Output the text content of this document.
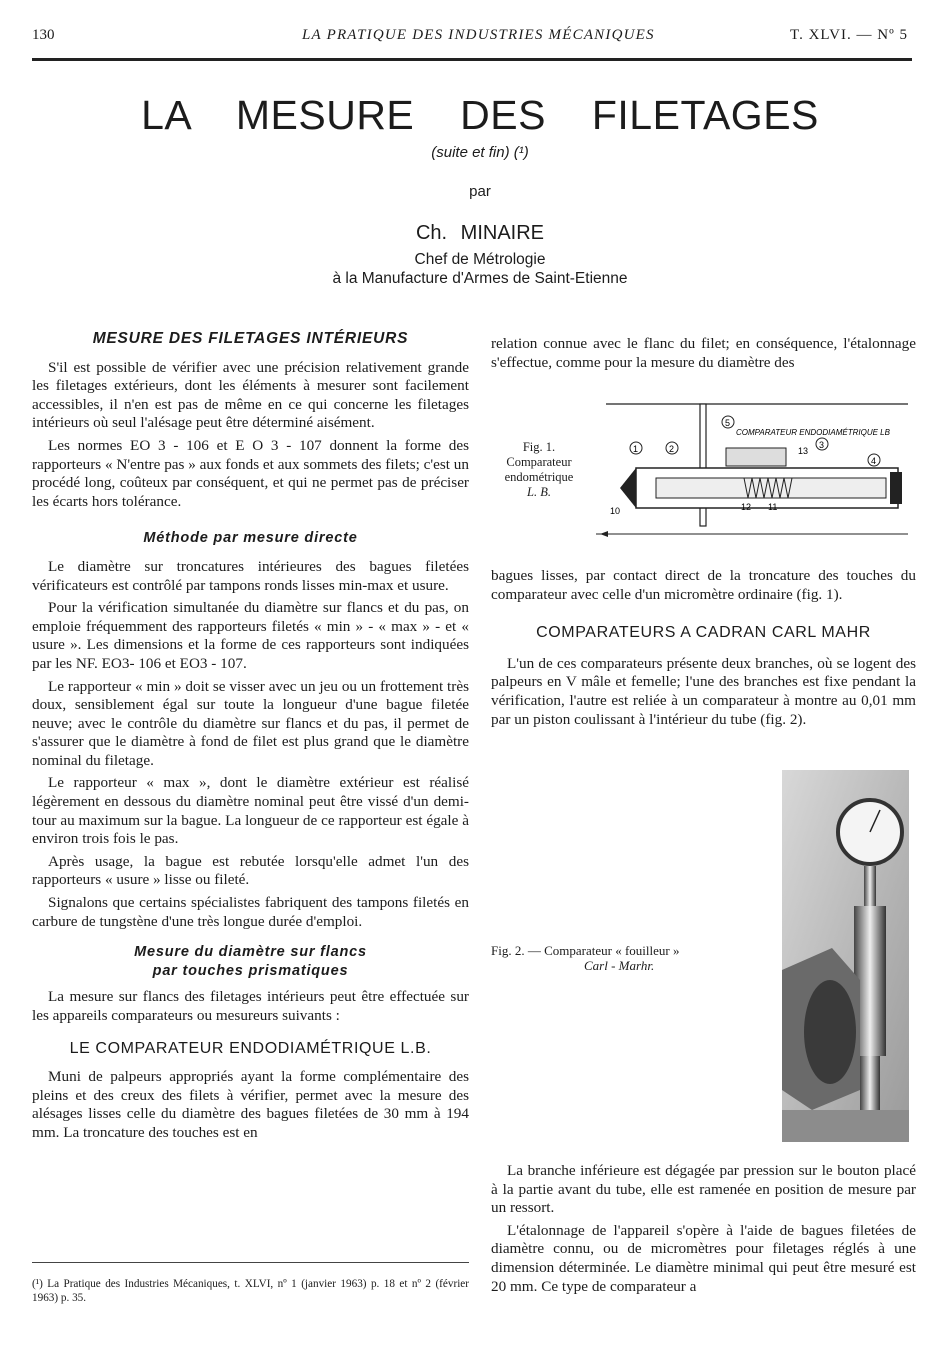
130	LA PRATIQUE DES INDUSTRIES MÉCANIQUES	T. XLVI. — Nº 5
LA MESURE DES FILETAGES
(suite et fin) (¹)
par
Ch. MINAIRE
Chef de Métrologie
à la Manufacture d'Armes de Saint-Etienne
MESURE DES FILETAGES INTÉRIEURS

S'il est possible de vérifier avec une précision relativement grande les filetages extérieurs, dont les éléments à mesurer sont facilement accessibles, il n'en est pas de même en ce qui concerne les filetages intérieurs où seul l'alésage peut être déterminé aisément.

Les normes EO 3 - 106 et E O 3 - 107 donnent la forme des rapporteurs « N'entre pas » aux fonds et aux sommets des filets; c'est un procédé long, coûteux par conséquent, et qui ne permet pas de préciser les écarts hors tolérance.

Méthode par mesure directe

Le diamètre sur troncatures intérieures des bagues filetées vérificateurs est contrôlé par tampons ronds lisses min-max et usure.

Pour la vérification simultanée du diamètre sur flancs et du pas, on emploie fréquemment des rapporteurs filetés « min » - « max » - et « usure ». Les dimensions et la forme de ces rapporteurs sont indiquées par les NF. EO3- 106 et EO3 - 107.

Le rapporteur « min » doit se visser avec un jeu ou un frottement très doux, sensiblement égal sur toute la longueur d'une bague filetée neuve; avec le contrôle du diamètre sur flancs et du pas, il permet de s'assurer que le diamètre à fond de filet est plus grand que le diamètre nominal du filetage.

Le rapporteur « max », dont le diamètre extérieur est réalisé légèrement en dessous du diamètre nominal peut être vissé d'un demi-tour au maximum sur la bague. La longueur de ce rapporteur est égale à environ trois fois le pas.

Après usage, la bague est rebutée lorsqu'elle admet l'un des rapporteurs « usure » lisse ou fileté.

Signalons que certains spécialistes fabriquent des tampons filetés en carbure de tungstène d'une très longue durée d'emploi.

Mesure du diamètre sur flancs
par touches prismatiques

La mesure sur flancs des filetages intérieurs peut être effectuée sur les appareils comparateurs ou mesureurs suivants :

LE COMPARATEUR ENDODIAMÉTRIQUE L.B.

Muni de palpeurs appropriés ayant la forme complémentaire des pleins et des creux des filets à vérifier, permet avec la mesure des alésages lisses celle du diamètre des bagues filetées de 30 mm à 194 mm. La troncature des touches est en

relation connue avec le flanc du filet; en conséquence, l'étalonnage s'effectue, comme pour la mesure du diamètre des

Fig. 1.
Comparateur endométrique
L. B.
1	2	3
4
5
COMPARATEUR ENDODIAMÉTRIQUE LB
10	11
12
13

bagues lisses, par contact direct de la troncature des touches du comparateur avec celle d'un micromètre ordinaire (fig. 1).

COMPARATEURS A CADRAN CARL MAHR

L'un de ces comparateurs présente deux branches, où se logent des palpeurs en V mâle et femelle; l'une des branches est fixe pendant la vérification, l'autre est reliée à un comparateur à montre au 0,01 mm par un piston coulissant à l'intérieur du tube (fig. 2).

Fig. 2. — Comparateur « fouilleur »
Carl - Marhr.

La branche inférieure est dégagée par pression sur le bouton placé à la partie avant du tube, elle est ramenée en position de mesure par un ressort.

L'étalonnage de l'appareil s'opère à l'aide de bagues filetées de diamètre connu, ou de micromètres pour filetages réglés à une dimension déterminée. Le diamètre minimal qui peut être mesuré est 20 mm. Ce type de comparateur a

(¹) La Pratique des Industries Mécaniques, t. XLVI, nº 1 (janvier 1963) p. 18 et nº 2 (février 1963) p. 35.
